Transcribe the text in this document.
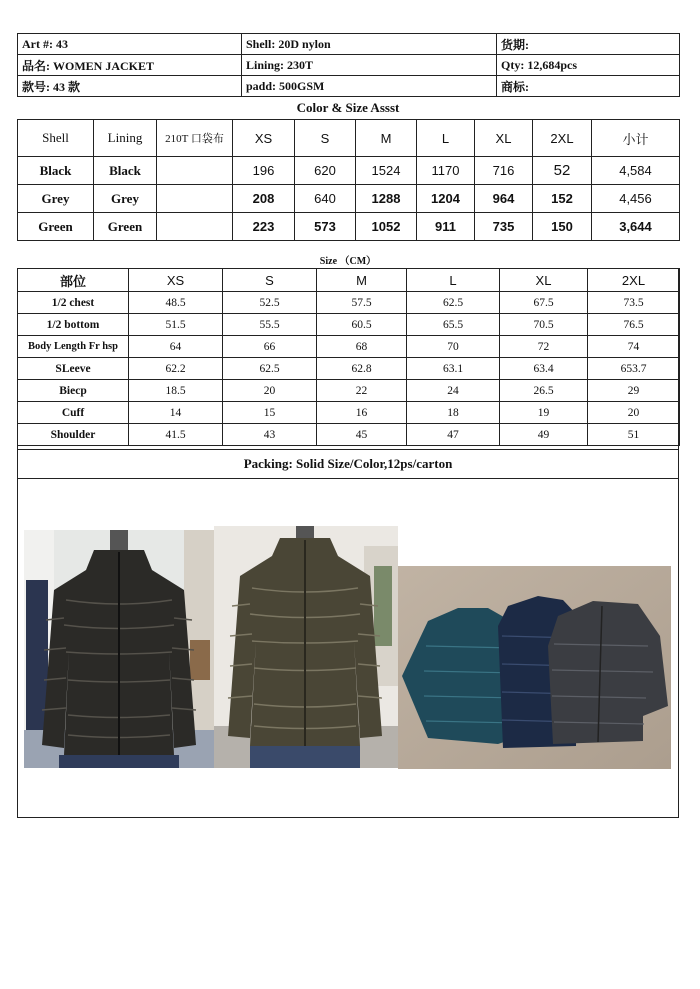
Art #: 43	Shell: 20D nylon	货期:
品名: WOMEN JACKET	Lining: 230T	Qty: 12,684pcs
款号: 43 款	padd: 500GSM	商标:
Color & Size Assst
Shell	Lining	210T 口袋布	XS	S	M	L	XL	2XL	小计
Black	Black		196	620	1524	1170	716	52	4,584
Grey	Grey		208	640	1288	1204	964	152	4,456
Green	Green		223	573	1052	911	735	150	3,644
Size （CM）
部位	XS	S	M	L	XL	2XL
1/2 chest	48.5	52.5	57.5	62.5	67.5	73.5
1/2 bottom	51.5	55.5	60.5	65.5	70.5	76.5
Body Length Fr hsp	64	66	68	70	72	74
SLeeve	62.2	62.5	62.8	63.1	63.4	653.7
Biecp	18.5	20	22	24	26.5	29
Cuff	14	15	16	18	19	20
Shoulder	41.5	43	45	47	49	51
Packing: Solid Size/Color,12ps/carton
